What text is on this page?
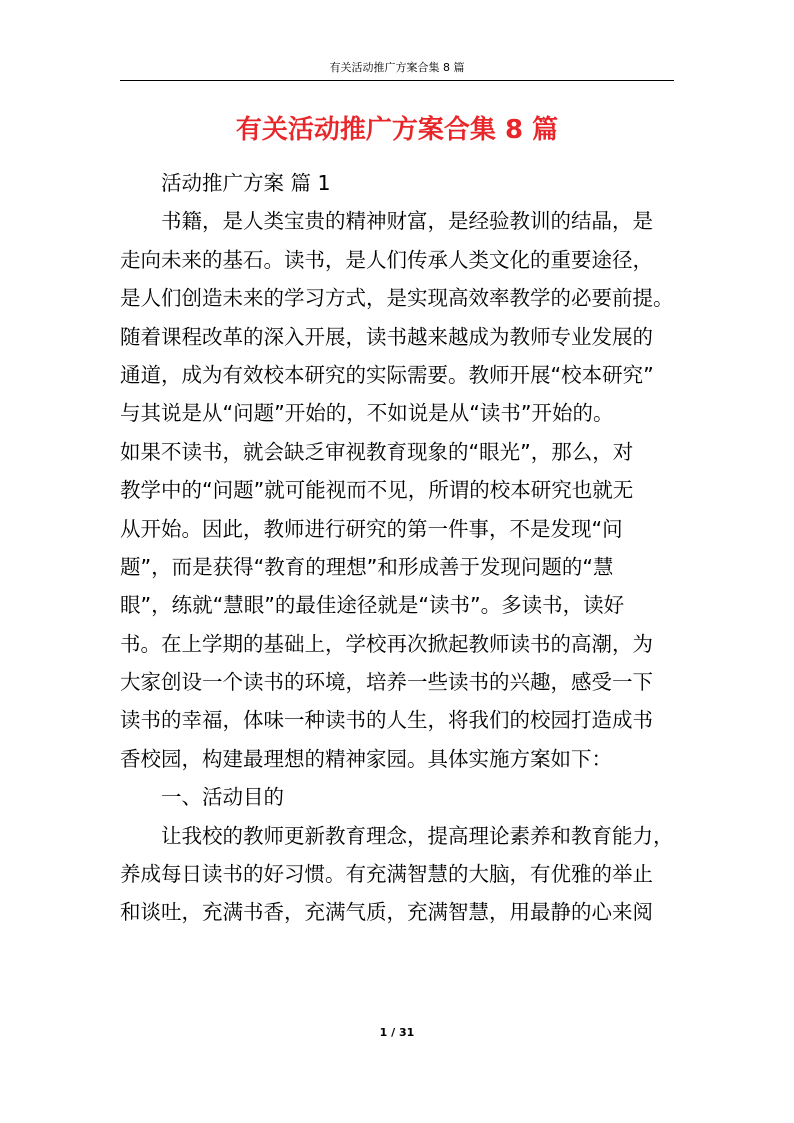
有关活动推广方案合集 8 篇
有关活动推广方案合集 8 篇
活动推广方案 篇 1
书籍，是人类宝贵的精神财富，是经验教训的结晶，是
走向未来的基石。读书，是人们传承人类文化的重要途径，
是人们创造未来的学习方式，是实现高效率教学的必要前提。
随着课程改革的深入开展，读书越来越成为教师专业发展的
通道，成为有效校本研究的实际需要。教师开展“校本研究”
与其说是从“问题”开始的，不如说是从“读书”开始的。
如果不读书，就会缺乏审视教育现象的“眼光”，那么，对
教学中的“问题”就可能视而不见，所谓的校本研究也就无
从开始。因此，教师进行研究的第一件事，不是发现“问
题”，而是获得“教育的理想”和形成善于发现问题的“慧
眼”，练就“慧眼”的最佳途径就是“读书”。多读书，读好
书。在上学期的基础上，学校再次掀起教师读书的高潮，为
大家创设一个读书的环境，培养一些读书的兴趣，感受一下
读书的幸福，体味一种读书的人生，将我们的校园打造成书
香校园，构建最理想的精神家园。具体实施方案如下：
一、活动目的
让我校的教师更新教育理念，提高理论素养和教育能力，
养成每日读书的好习惯。有充满智慧的大脑，有优雅的举止
和谈吐，充满书香，充满气质，充满智慧，用最静的心来阅
1 / 31
